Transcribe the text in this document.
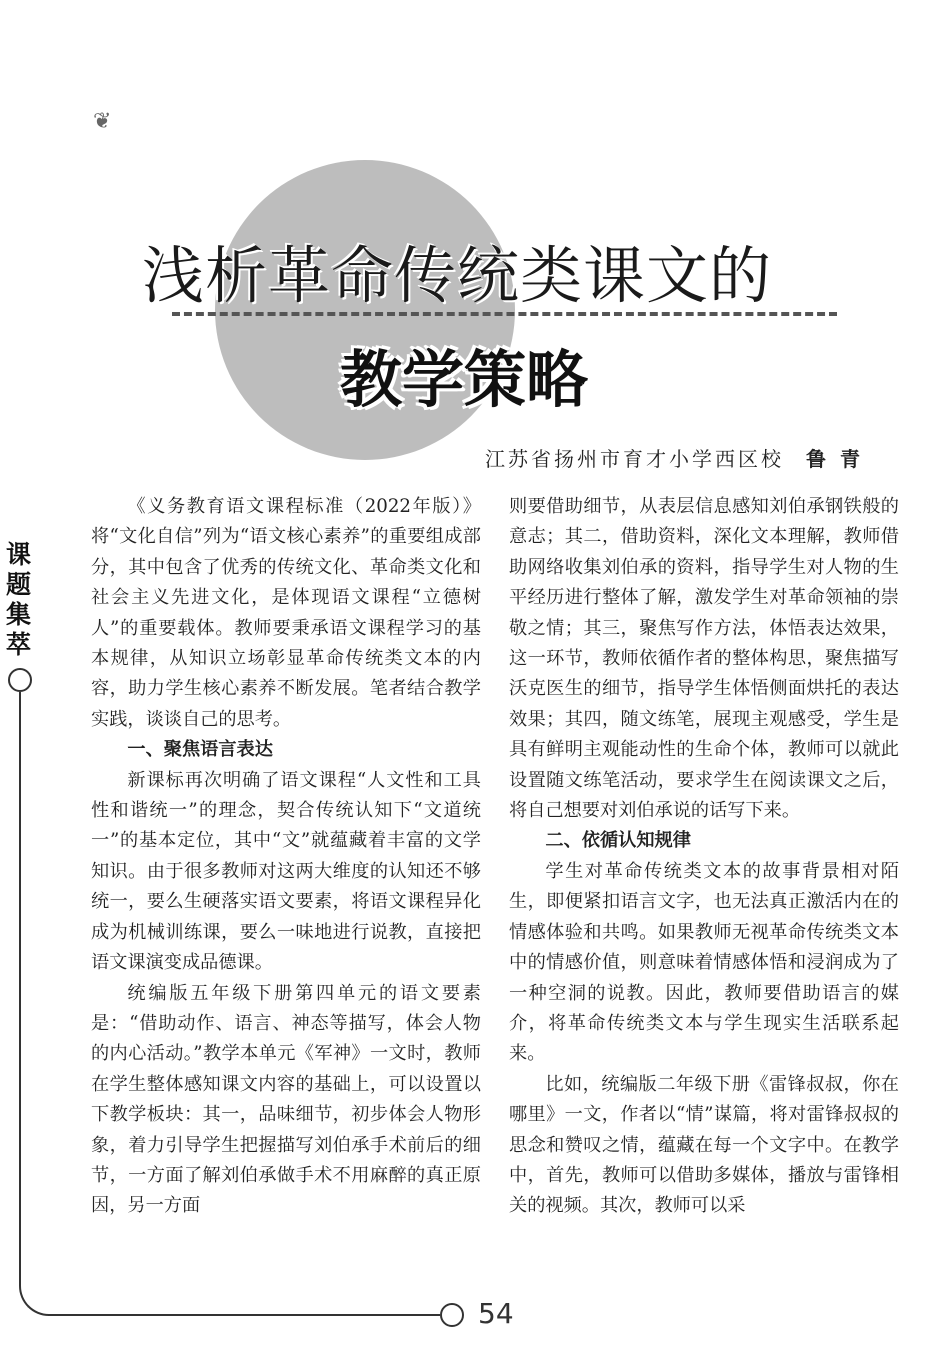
❦
浅析革命传统类课文的
教学策略
江苏省扬州市育才小学西区校 鲁青
课题集萃
54

《义务教育语文课程标准（2022年版）》将“文化自信”列为“语文核心素养”的重要组成部分，其中包含了优秀的传统文化、革命类文化和社会主义先进文化，是体现语文课程“立德树人”的重要载体。教师要秉承语文课程学习的基本规律，从知识立场彰显革命传统类文本的内容，助力学生核心素养不断发展。笔者结合教学实践，谈谈自己的思考。

一、聚焦语言表达

新课标再次明确了语文课程“人文性和工具性和谐统一”的理念，契合传统认知下“文道统一”的基本定位，其中“文”就蕴藏着丰富的文学知识。由于很多教师对这两大维度的认知还不够统一，要么生硬落实语文要素，将语文课程异化成为机械训练课，要么一味地进行说教，直接把语文课演变成品德课。

统编版五年级下册第四单元的语文要素是：“借助动作、语言、神态等描写，体会人物的内心活动。”教学本单元《军神》一文时，教师在学生整体感知课文内容的基础上，可以设置以下教学板块：其一，品味细节，初步体会人物形象，着力引导学生把握描写刘伯承手术前后的细节，一方面了解刘伯承做手术不用麻醉的真正原因，另一方面

则要借助细节，从表层信息感知刘伯承钢铁般的意志；其二，借助资料，深化文本理解，教师借助网络收集刘伯承的资料，指导学生对人物的生平经历进行整体了解，激发学生对革命领袖的崇敬之情；其三，聚焦写作方法，体悟表达效果，这一环节，教师依循作者的整体构思，聚焦描写沃克医生的细节，指导学生体悟侧面烘托的表达效果；其四，随文练笔，展现主观感受，学生是具有鲜明主观能动性的生命个体，教师可以就此设置随文练笔活动，要求学生在阅读课文之后，将自己想要对刘伯承说的话写下来。

二、依循认知规律

学生对革命传统类文本的故事背景相对陌生，即便紧扣语言文字，也无法真正激活内在的情感体验和共鸣。如果教师无视革命传统类文本中的情感价值，则意味着情感体悟和浸润成为了一种空洞的说教。因此，教师要借助语言的媒介，将革命传统类文本与学生现实生活联系起来。

比如，统编版二年级下册《雷锋叔叔，你在哪里》一文，作者以“情”谋篇，将对雷锋叔叔的思念和赞叹之情，蕴藏在每一个文字中。在教学中，首先，教师可以借助多媒体，播放与雷锋相关的视频。其次，教师可以采
